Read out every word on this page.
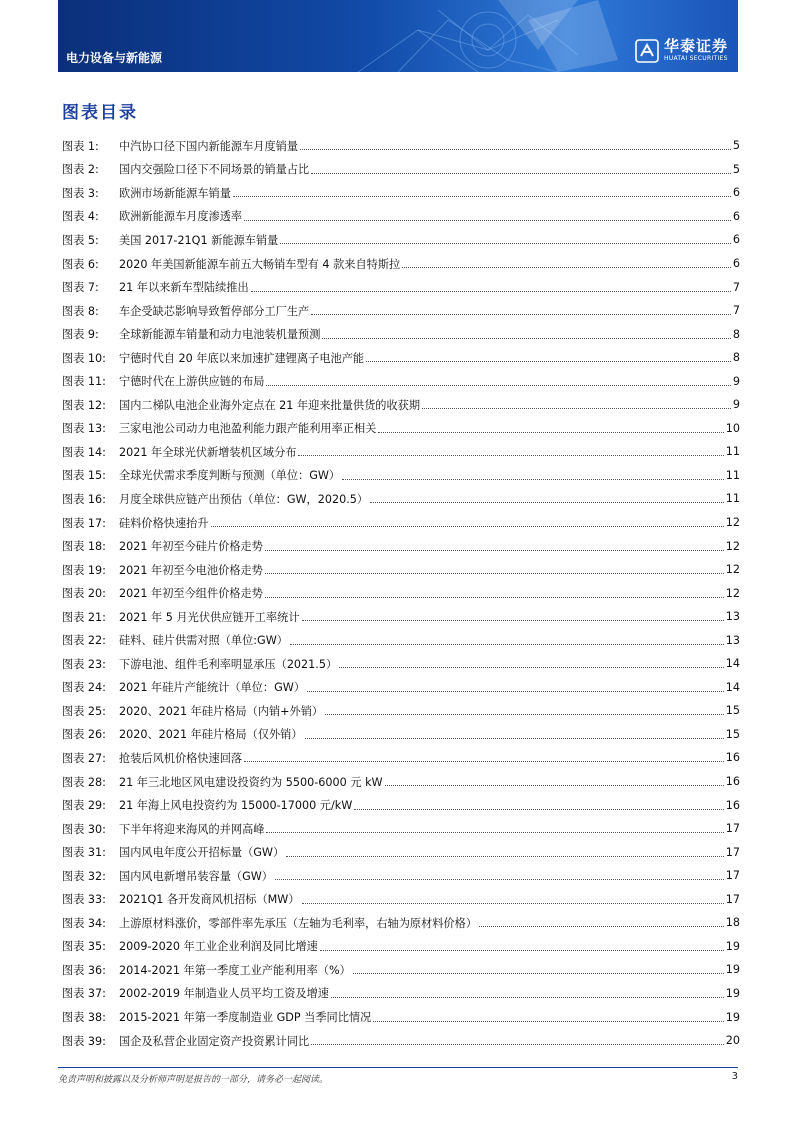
电力设备与新能源
华泰证券
HUATAI SECURITIES
图表目录
图表 1:	中汽协口径下国内新能源车月度销量	5
图表 2:	国内交强险口径下不同场景的销量占比	5
图表 3:	欧洲市场新能源车销量	6
图表 4:	欧洲新能源车月度渗透率	6
图表 5:	美国 2017-21Q1 新能源车销量	6
图表 6:	2020 年美国新能源车前五大畅销车型有 4 款来自特斯拉	6
图表 7:	21 年以来新车型陆续推出	7
图表 8:	车企受缺芯影响导致暂停部分工厂生产	7
图表 9:	全球新能源车销量和动力电池装机量预测	8
图表 10:	宁德时代自 20 年底以来加速扩建锂离子电池产能	8
图表 11:	宁德时代在上游供应链的布局	9
图表 12:	国内二梯队电池企业海外定点在 21 年迎来批量供货的收获期	9
图表 13:	三家电池公司动力电池盈利能力跟产能利用率正相关	10
图表 14:	2021 年全球光伏新增装机区域分布	11
图表 15:	全球光伏需求季度判断与预测（单位：GW）	11
图表 16:	月度全球供应链产出预估（单位：GW，2020.5）	11
图表 17:	硅料价格快速抬升	12
图表 18:	2021 年初至今硅片价格走势	12
图表 19:	2021 年初至今电池价格走势	12
图表 20:	2021 年初至今组件价格走势	12
图表 21:	2021 年 5 月光伏供应链开工率统计	13
图表 22:	硅料、硅片供需对照（单位:GW）	13
图表 23:	下游电池、组件毛利率明显承压（2021.5）	14
图表 24:	2021 年硅片产能统计（单位：GW）	14
图表 25:	2020、2021 年硅片格局（内销+外销）	15
图表 26:	2020、2021 年硅片格局（仅外销）	15
图表 27:	抢装后风机价格快速回落	16
图表 28:	21 年三北地区风电建设投资约为 5500-6000 元 kW	16
图表 29:	21 年海上风电投资约为 15000-17000 元/kW	16
图表 30:	下半年将迎来海风的并网高峰	17
图表 31:	国内风电年度公开招标量（GW）	17
图表 32:	国内风电新增吊装容量（GW）	17
图表 33:	2021Q1 各开发商风机招标（MW）	17
图表 34:	上游原材料涨价，零部件率先承压（左轴为毛利率，右轴为原材料价格）	18
图表 35:	2009-2020 年工业企业利润及同比增速	19
图表 36:	2014-2021 年第一季度工业产能利用率（%）	19
图表 37:	2002-2019 年制造业人员平均工资及增速	19
图表 38:	2015-2021 年第一季度制造业 GDP 当季同比情况	19
图表 39:	国企及私营企业固定资产投资累计同比	20
免责声明和披露以及分析师声明是报告的一部分，请务必一起阅读。	3
